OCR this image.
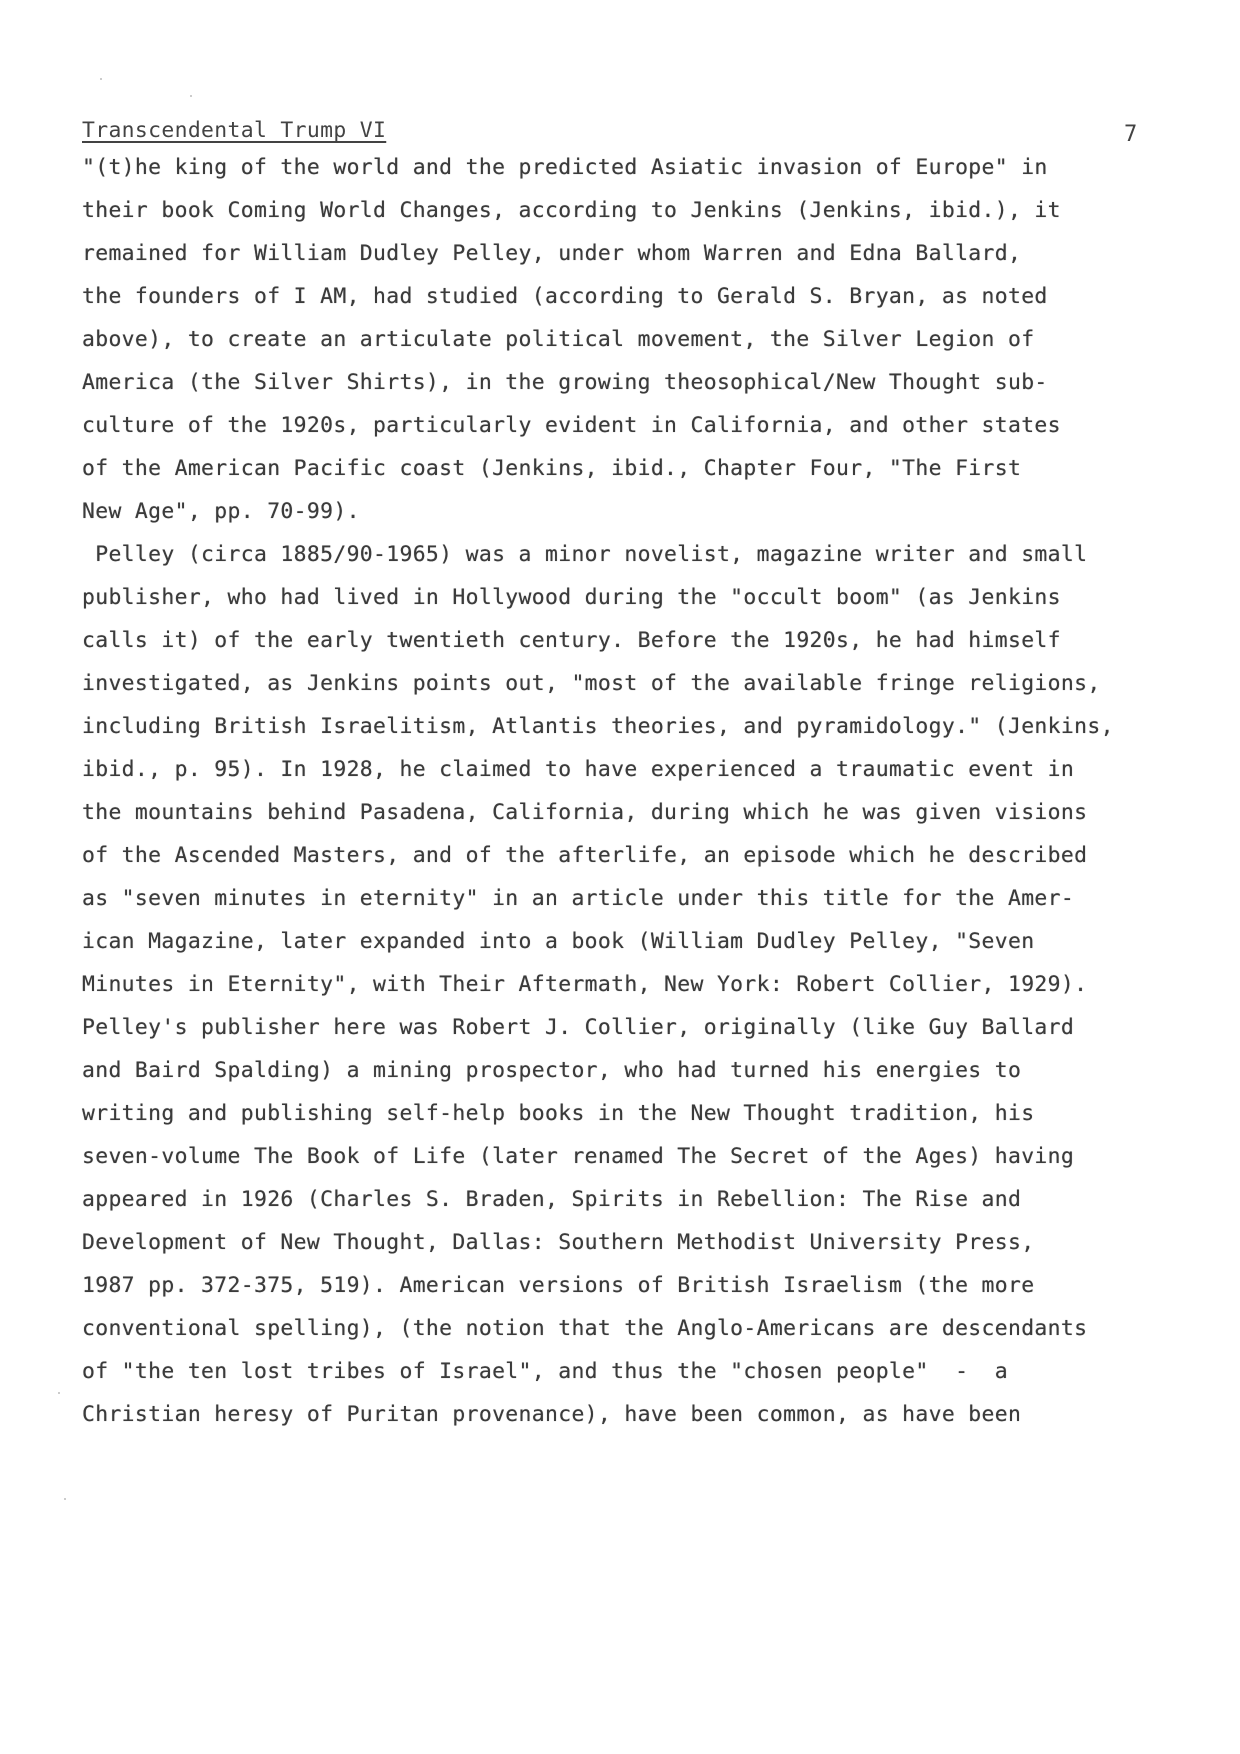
Transcendental Trump VI	7
"(t)he king of the world and the predicted Asiatic invasion of Europe" in
their book Coming World Changes, according to Jenkins (Jenkins, ibid.), it
remained for William Dudley Pelley, under whom Warren and Edna Ballard,
the founders of I AM, had studied (according to Gerald S. Bryan, as noted
above), to create an articulate political movement, the Silver Legion of
America (the Silver Shirts), in the growing theosophical/New Thought sub-
culture of the 1920s, particularly evident in California, and other states
of the American Pacific coast (Jenkins, ibid., Chapter Four, "The First
New Age", pp. 70-99).
Pelley (circa 1885/90-1965) was a minor novelist, magazine writer and small
publisher, who had lived in Hollywood during the "occult boom" (as Jenkins
calls it) of the early twentieth century. Before the 1920s, he had himself
investigated, as Jenkins points out, "most of the available fringe religions,
including British Israelitism, Atlantis theories, and pyramidology." (Jenkins,
ibid., p. 95). In 1928, he claimed to have experienced a traumatic event in
the mountains behind Pasadena, California, during which he was given visions
of the Ascended Masters, and of the afterlife, an episode which he described
as "seven minutes in eternity" in an article under this title for the Amer-
ican Magazine, later expanded into a book (William Dudley Pelley, "Seven
Minutes in Eternity", with Their Aftermath, New York: Robert Collier, 1929).
Pelley's publisher here was Robert J. Collier, originally (like Guy Ballard
and Baird Spalding) a mining prospector, who had turned his energies to
writing and publishing self-help books in the New Thought tradition, his
seven-volume The Book of Life (later renamed The Secret of the Ages) having
appeared in 1926 (Charles S. Braden, Spirits in Rebellion: The Rise and
Development of New Thought, Dallas: Southern Methodist University Press,
1987 pp. 372-375, 519). American versions of British Israelism (the more
conventional spelling), (the notion that the Anglo-Americans are descendants
of "the ten lost tribes of Israel", and thus the "chosen people"  -  a
Christian heresy of Puritan provenance), have been common, as have been
